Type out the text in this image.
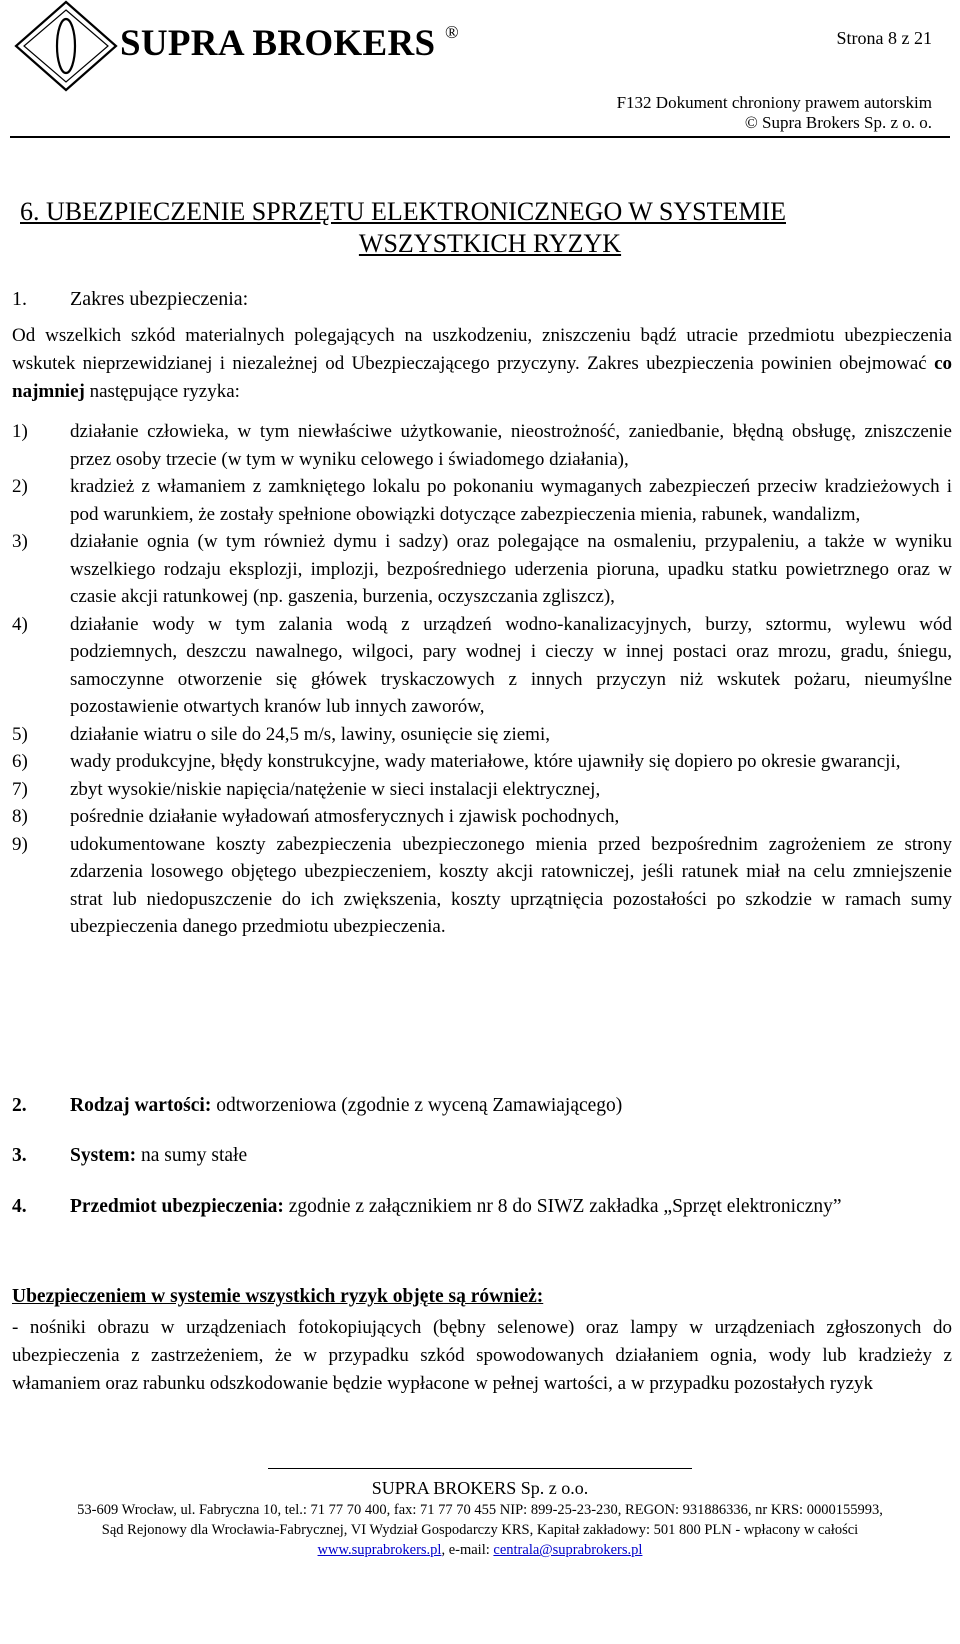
SUPRA BROKERS ®	Strona 8 z 21
F132 Dokument chroniony prawem autorskim
© Supra Brokers Sp. z o. o.
6. UBEZPIECZENIE SPRZĘTU ELEKTRONICZNEGO W SYSTEMIE
WSZYSTKICH RYZYK
1. Zakres ubezpieczenia:
Od wszelkich szkód materialnych polegających na uszkodzeniu, zniszczeniu bądź utracie przedmiotu ubezpieczenia wskutek nieprzewidzianej i niezależnej od Ubezpieczającego przyczyny. Zakres ubezpieczenia powinien obejmować co najmniej następujące ryzyka:
1) działanie człowieka, w tym niewłaściwe użytkowanie, nieostrożność, zaniedbanie, błędną obsługę, zniszczenie przez osoby trzecie (w tym w wyniku celowego i świadomego działania),
2) kradzież z włamaniem z zamkniętego lokalu po pokonaniu wymaganych zabezpieczeń przeciw kradzieżowych i pod warunkiem, że zostały spełnione obowiązki dotyczące zabezpieczenia mienia, rabunek, wandalizm,
3) działanie ognia (w tym również dymu i sadzy) oraz polegające na osmaleniu, przypaleniu, a także w wyniku wszelkiego rodzaju eksplozji, implozji, bezpośredniego uderzenia pioruna, upadku statku powietrznego oraz w czasie akcji ratunkowej (np. gaszenia, burzenia, oczyszczania zgliszcz),
4) działanie wody w tym zalania wodą z urządzeń wodno-kanalizacyjnych, burzy, sztormu, wylewu wód podziemnych, deszczu nawalnego, wilgoci, pary wodnej i cieczy w innej postaci oraz mrozu, gradu, śniegu, samoczynne otworzenie się główek tryskaczowych z innych przyczyn niż wskutek pożaru, nieumyślne pozostawienie otwartych kranów lub innych zaworów,
5) działanie wiatru o sile do 24,5 m/s, lawiny, osunięcie się ziemi,
6) wady produkcyjne, błędy konstrukcyjne, wady materiałowe, które ujawniły się dopiero po okresie gwarancji,
7) zbyt wysokie/niskie napięcia/natężenie w sieci instalacji elektrycznej,
8) pośrednie działanie wyładowań atmosferycznych i zjawisk pochodnych,
9) udokumentowane koszty zabezpieczenia ubezpieczonego mienia przed bezpośrednim zagrożeniem ze strony zdarzenia losowego objętego ubezpieczeniem, koszty akcji ratowniczej, jeśli ratunek miał na celu zmniejszenie strat lub niedopuszczenie do ich zwiększenia, koszty uprzątnięcia pozostałości po szkodzie w ramach sumy ubezpieczenia danego przedmiotu ubezpieczenia.
2.	Rodzaj wartości: odtworzeniowa (zgodnie z wyceną Zamawiającego)
3.	System: na sumy stałe
4.	Przedmiot ubezpieczenia: zgodnie z załącznikiem nr 8 do SIWZ zakładka „Sprzęt elektroniczny”
Ubezpieczeniem w systemie wszystkich ryzyk objęte są również:
- nośniki obrazu w urządzeniach fotokopiujących (bębny selenowe) oraz lampy w urządzeniach zgłoszonych do ubezpieczenia z zastrzeżeniem, że w przypadku szkód spowodowanych działaniem ognia, wody lub kradzieży z włamaniem oraz rabunku odszkodowanie będzie wypłacone w pełnej wartości, a w przypadku pozostałych ryzyk
SUPRA BROKERS Sp. z o.o.
53-609 Wrocław, ul. Fabryczna 10, tel.: 71 77 70 400, fax: 71 77 70 455 NIP: 899-25-23-230, REGON: 931886336, nr KRS: 0000155993,
Sąd Rejonowy dla Wrocławia-Fabrycznej, VI Wydział Gospodarczy KRS, Kapitał zakładowy: 501 800 PLN - wpłacony w całości
www.suprabrokers.pl, e-mail: centrala@suprabrokers.pl
